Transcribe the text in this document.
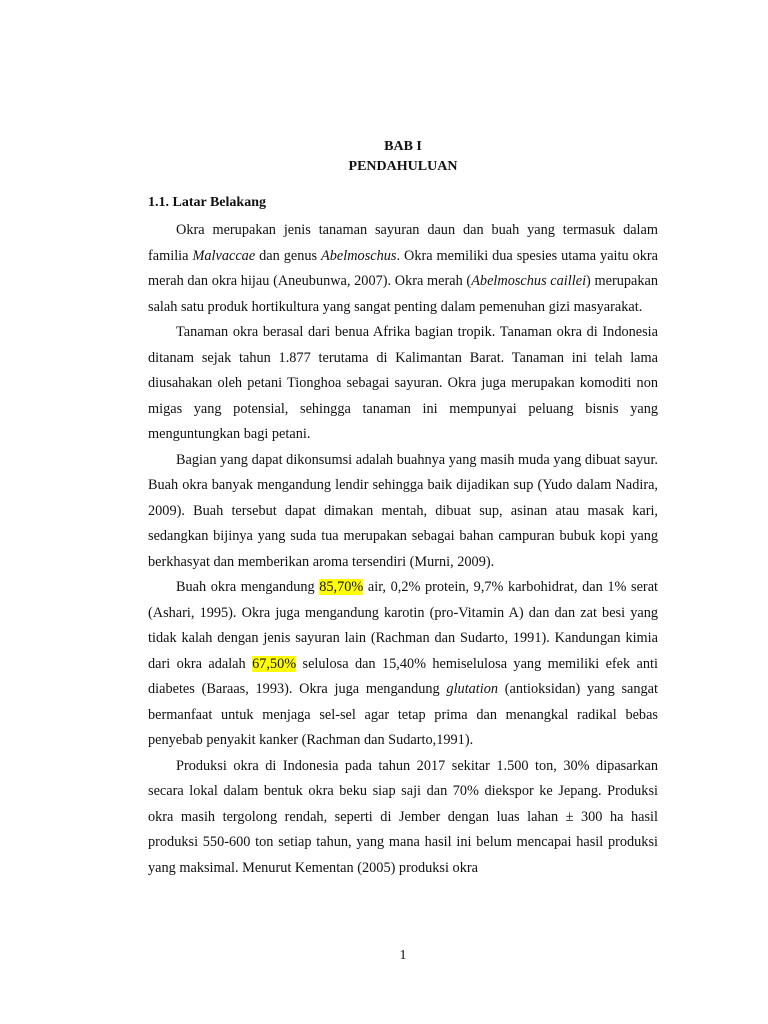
BAB I
PENDAHULUAN
1.1. Latar Belakang

Okra merupakan jenis tanaman sayuran daun dan buah yang termasuk dalam familia Malvaccae dan genus Abelmoschus. Okra memiliki dua spesies utama yaitu okra merah dan okra hijau (Aneubunwa, 2007). Okra merah (Abelmoschus caillei) merupakan salah satu produk hortikultura yang sangat penting dalam pemenuhan gizi masyarakat.

Tanaman okra berasal dari benua Afrika bagian tropik. Tanaman okra di Indonesia ditanam sejak tahun 1.877 terutama di Kalimantan Barat. Tanaman ini telah lama diusahakan oleh petani Tionghoa sebagai sayuran. Okra juga merupakan komoditi non migas yang potensial, sehingga tanaman ini mempunyai peluang bisnis yang menguntungkan bagi petani.

Bagian yang dapat dikonsumsi adalah buahnya yang masih muda yang dibuat sayur. Buah okra banyak mengandung lendir sehingga baik dijadikan sup (Yudo dalam Nadira, 2009). Buah tersebut dapat dimakan mentah, dibuat sup, asinan atau masak kari, sedangkan bijinya yang suda tua merupakan sebagai bahan campuran bubuk kopi yang berkhasyat dan memberikan aroma tersendiri (Murni, 2009).

Buah okra mengandung 85,70% air, 0,2% protein, 9,7% karbohidrat, dan 1% serat (Ashari, 1995). Okra juga mengandung karotin (pro-Vitamin A) dan dan zat besi yang tidak kalah dengan jenis sayuran lain (Rachman dan Sudarto, 1991). Kandungan kimia dari okra adalah 67,50% selulosa dan 15,40% hemiselulosa yang memiliki efek anti diabetes (Baraas, 1993). Okra juga mengandung glutation (antioksidan) yang sangat bermanfaat untuk menjaga sel-sel agar tetap prima dan menangkal radikal bebas penyebab penyakit kanker (Rachman dan Sudarto,1991).

Produksi okra di Indonesia pada tahun 2017 sekitar 1.500 ton, 30% dipasarkan secara lokal dalam bentuk okra beku siap saji dan 70% diekspor ke Jepang. Produksi okra masih tergolong rendah, seperti di Jember dengan luas lahan ± 300 ha hasil produksi 550-600 ton setiap tahun, yang mana hasil ini belum mencapai hasil produksi yang maksimal. Menurut Kementan (2005) produksi okra

1
